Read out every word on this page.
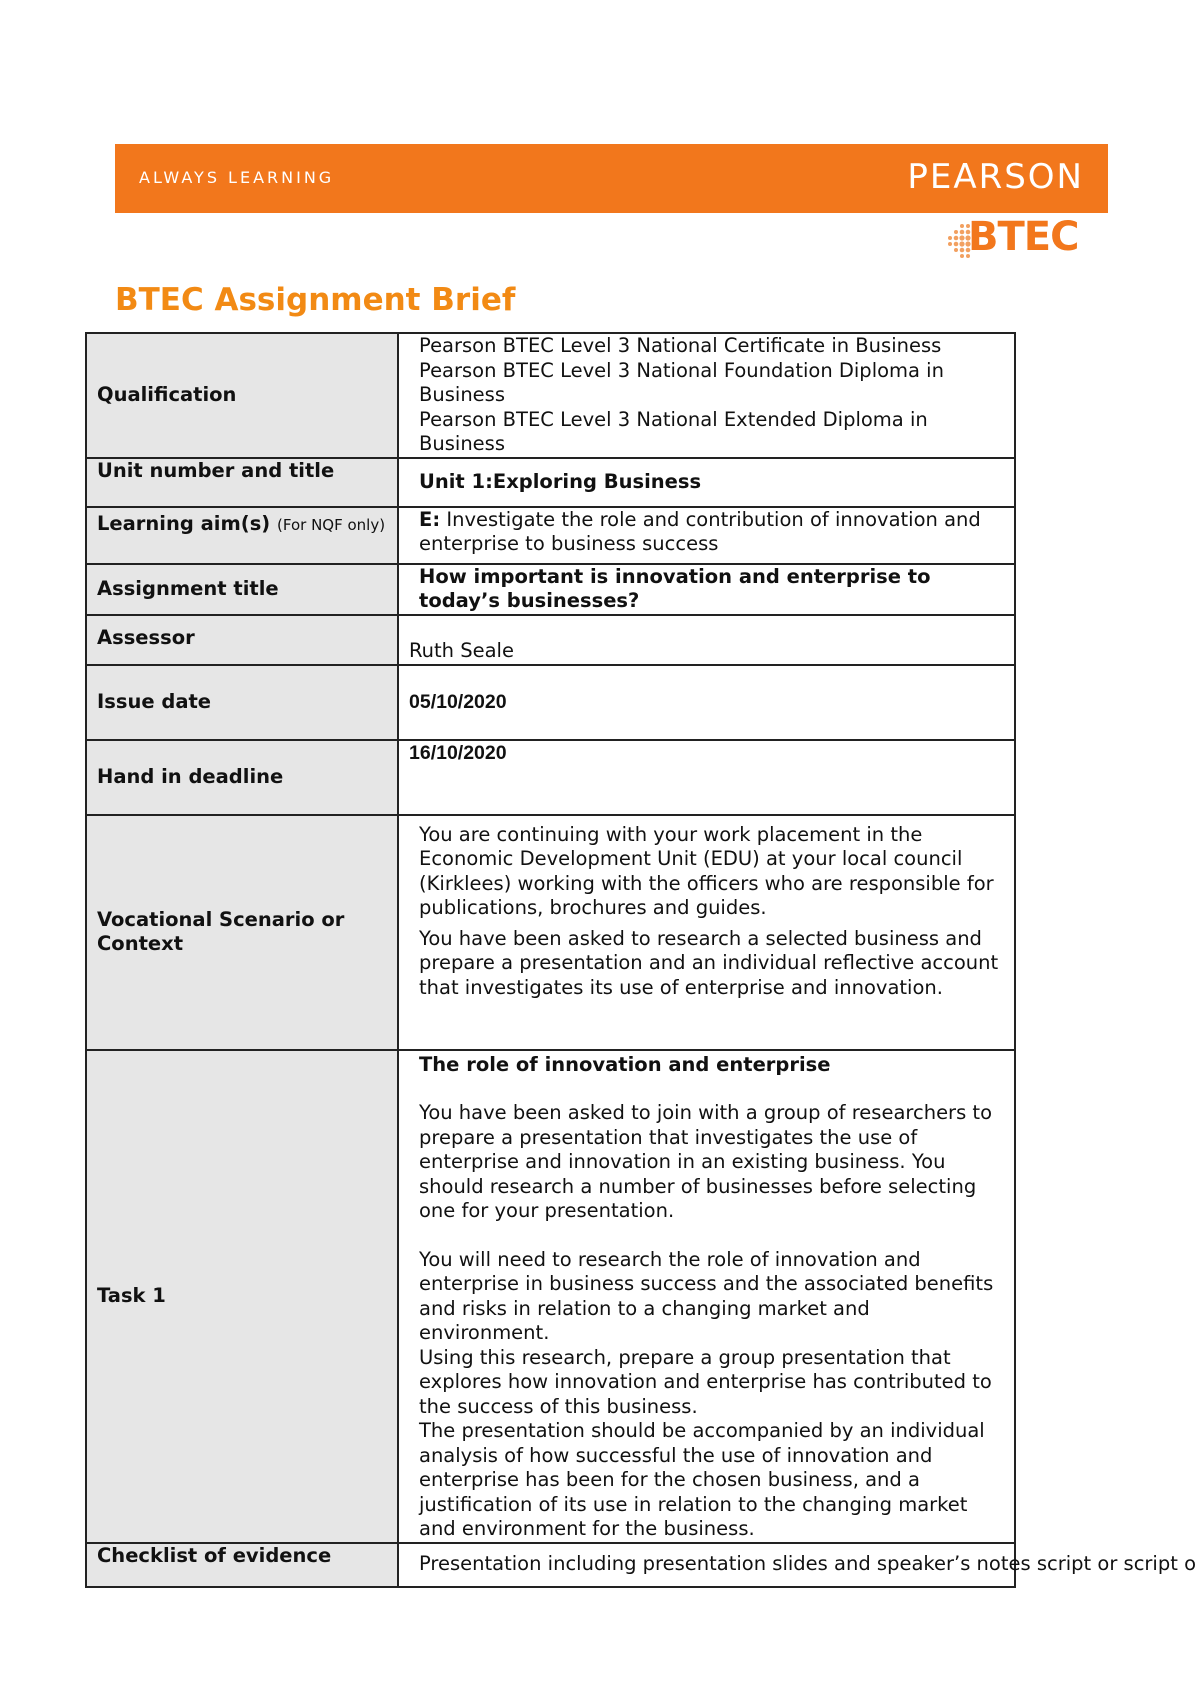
ALWAYS LEARNING	PEARSON
BTEC
BTEC Assignment Brief
Qualification	Pearson BTEC Level 3 National Certificate in Business

Pearson BTEC Level 3 National Foundation Diploma in Business

Pearson BTEC Level 3 National Extended Diploma in Business

Unit number and title	Unit 1:Exploring Business
Learning aim(s) (For NQF only)	E: Investigate the role and contribution of innovation and enterprise to business success
Assignment title	How important is innovation and enterprise to today’s businesses?
Assessor	Ruth Seale
Issue date	05/10/2020
Hand in deadline	16/10/2020
Vocational Scenario or Context	You are continuing with your work placement in the Economic Development Unit (EDU) at your local council (Kirklees) working with the officers who are responsible for publications, brochures and guides.

You have been asked to research a selected business and prepare a presentation and an individual reflective account that investigates its use of enterprise and innovation.

Task 1	The role of innovation and enterprise

You have been asked to join with a group of researchers to prepare a presentation that investigates the use of enterprise and innovation in an existing business. You should research a number of businesses before selecting one for your presentation.

You will need to research the role of innovation and enterprise in business success and the associated benefits and risks in relation to a changing market and environment.

Using this research, prepare a group presentation that explores how innovation and enterprise has contributed to the success of this business.

The presentation should be accompanied by an individual analysis of how successful the use of innovation and enterprise has been for the chosen business, and a justification of its use in relation to the changing market and environment for the business.

Checklist of evidence	Presentation including presentation slides and speaker’s notes script or script o
